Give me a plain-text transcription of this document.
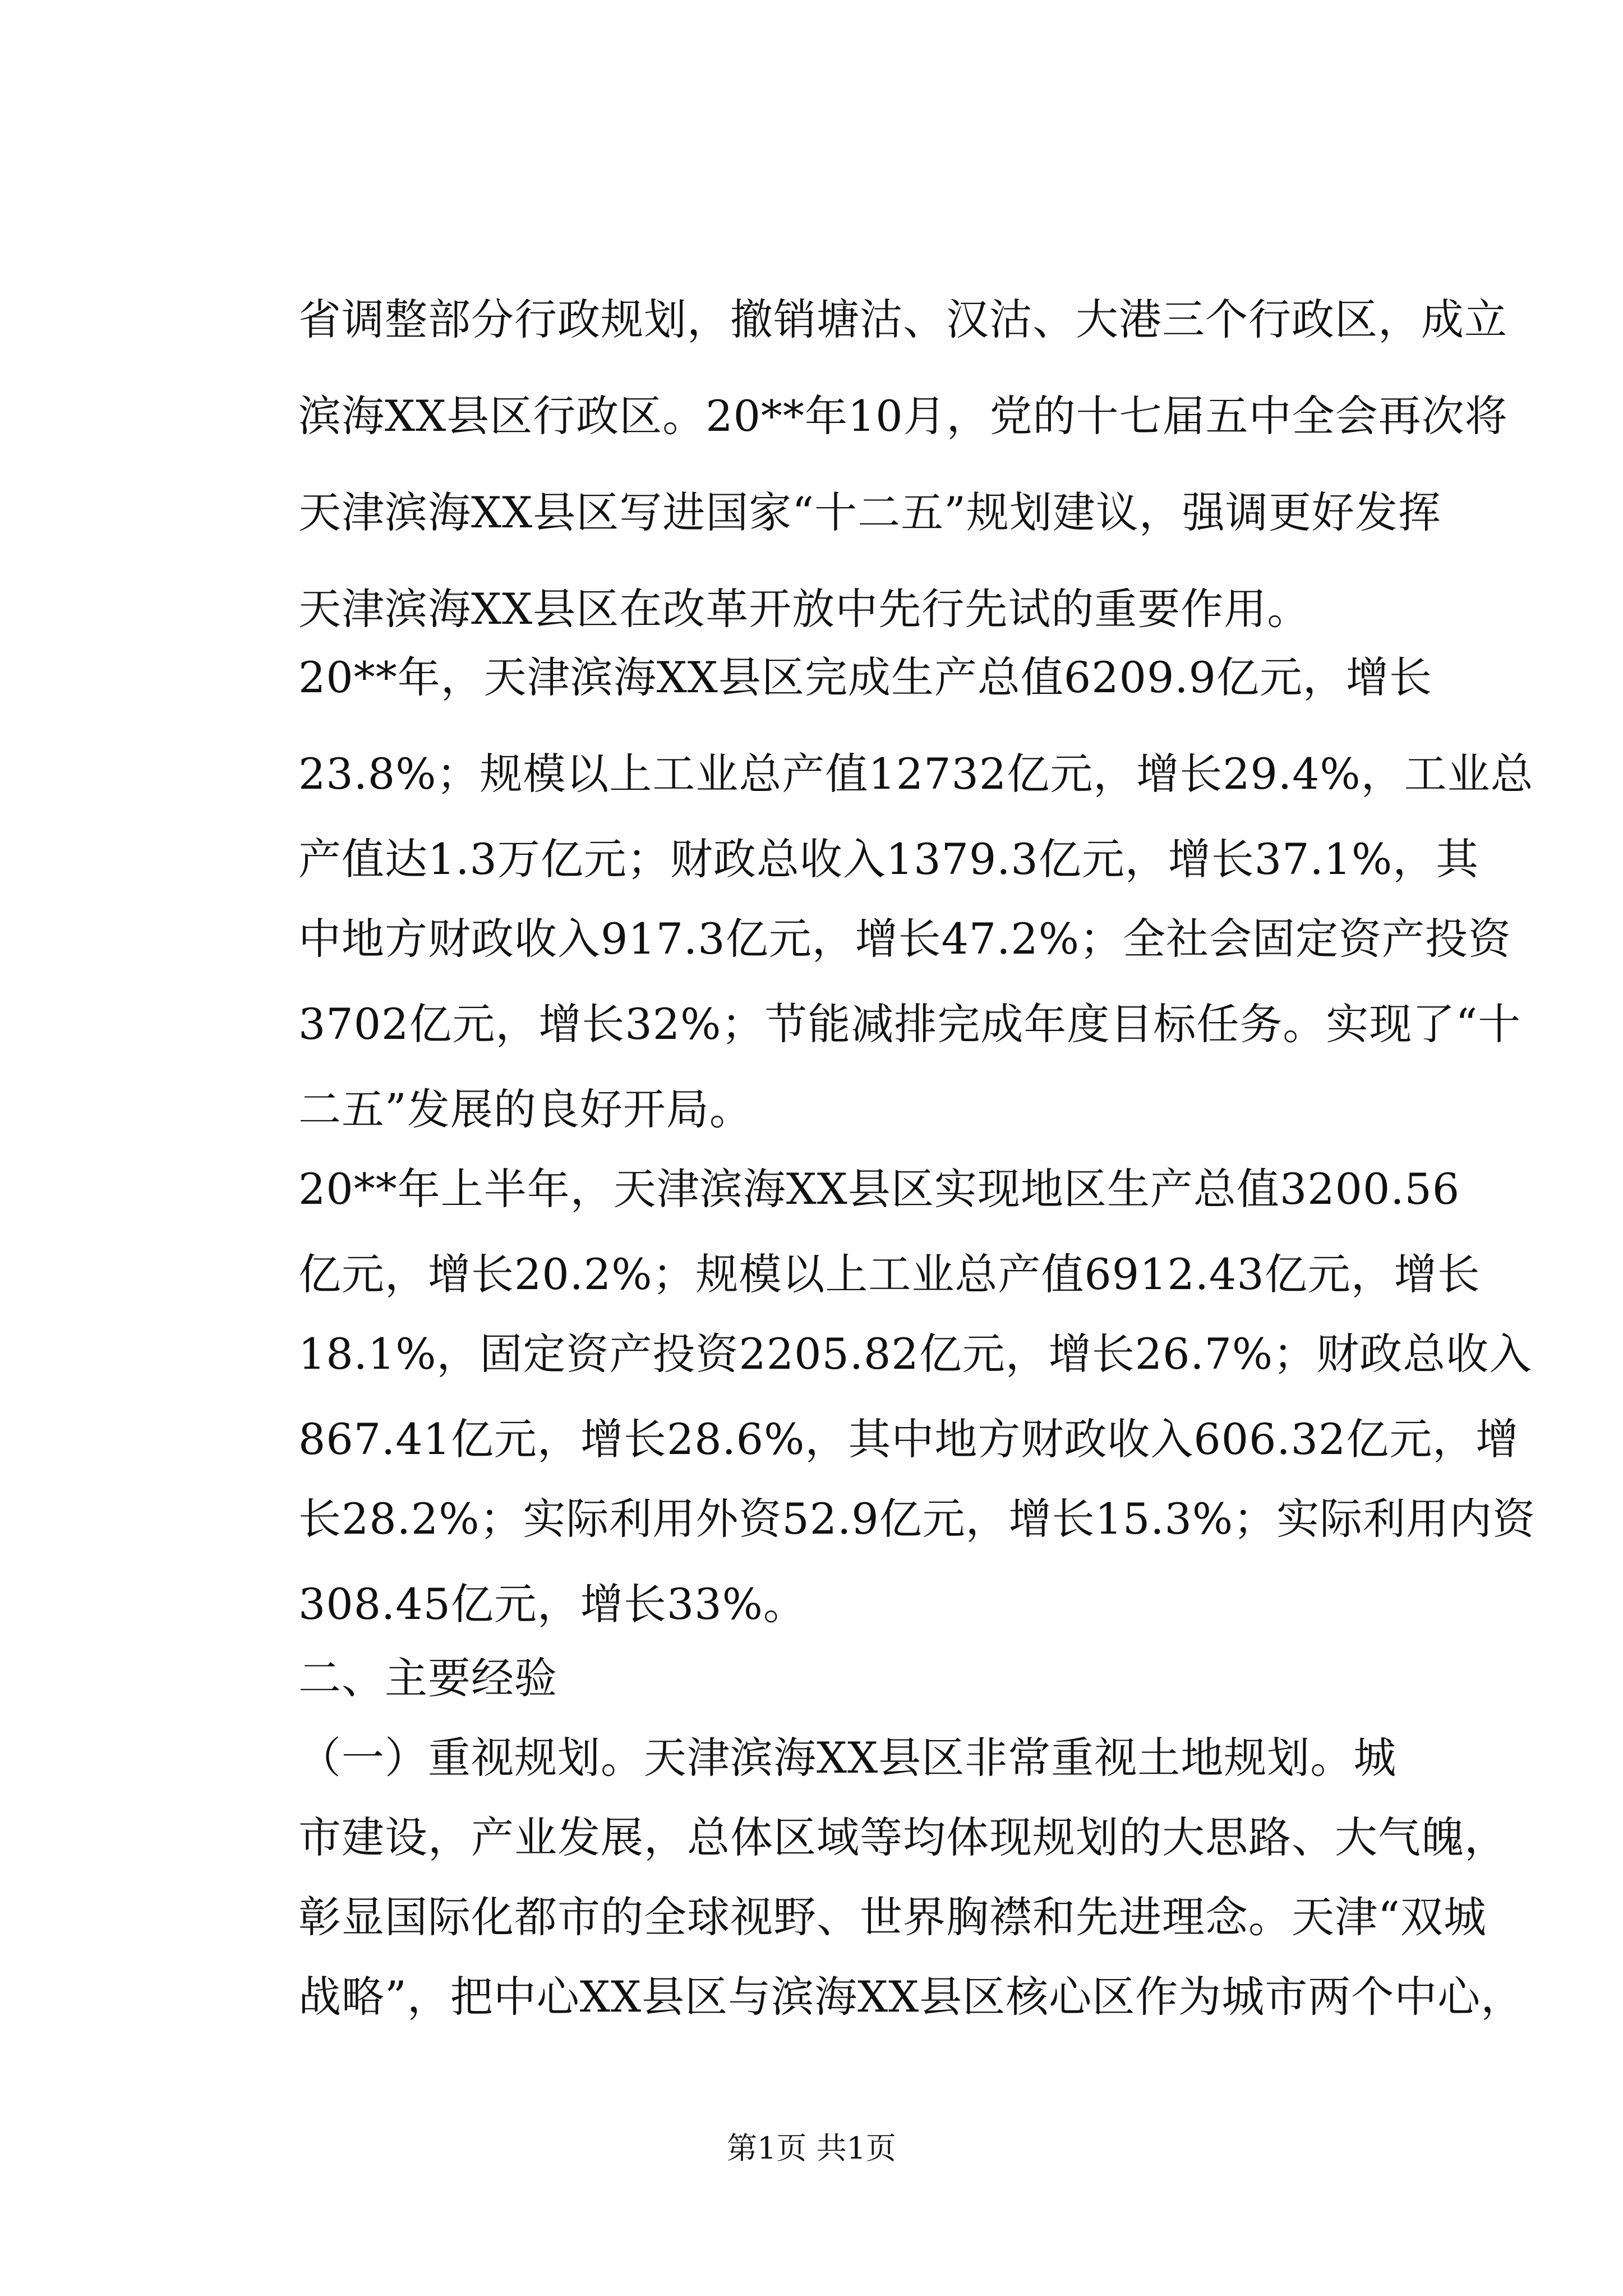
省调整部分行政规划，撤销塘沽、汉沽、大港三个行政区，成立
滨海XX县区行政区。20**年10月，党的十七届五中全会再次将
天津滨海XX县区写进国家“十二五”规划建议，强调更好发挥
天津滨海XX县区在改革开放中先行先试的重要作用。
20**年，天津滨海XX县区完成生产总值6209.9亿元，增长
23.8%；规模以上工业总产值12732亿元，增长29.4%，工业总
产值达1.3万亿元；财政总收入1379.3亿元，增长37.1%，其
中地方财政收入917.3亿元，增长47.2%；全社会固定资产投资
3702亿元，增长32%；节能减排完成年度目标任务。实现了“十
二五”发展的良好开局。
20**年上半年，天津滨海XX县区实现地区生产总值3200.56
亿元，增长20.2%；规模以上工业总产值6912.43亿元，增长
18.1%，固定资产投资2205.82亿元，增长26.7%；财政总收入
867.41亿元，增长28.6%，其中地方财政收入606.32亿元，增
长28.2%；实际利用外资52.9亿元，增长15.3%；实际利用内资
308.45亿元，增长33%。
二、主要经验
（一）重视规划。天津滨海XX县区非常重视土地规划。城
市建设，产业发展，总体区域等均体现规划的大思路、大气魄，
彰显国际化都市的全球视野、世界胸襟和先进理念。天津“双城
战略”，把中心XX县区与滨海XX县区核心区作为城市两个中心，
第1页 共1页
